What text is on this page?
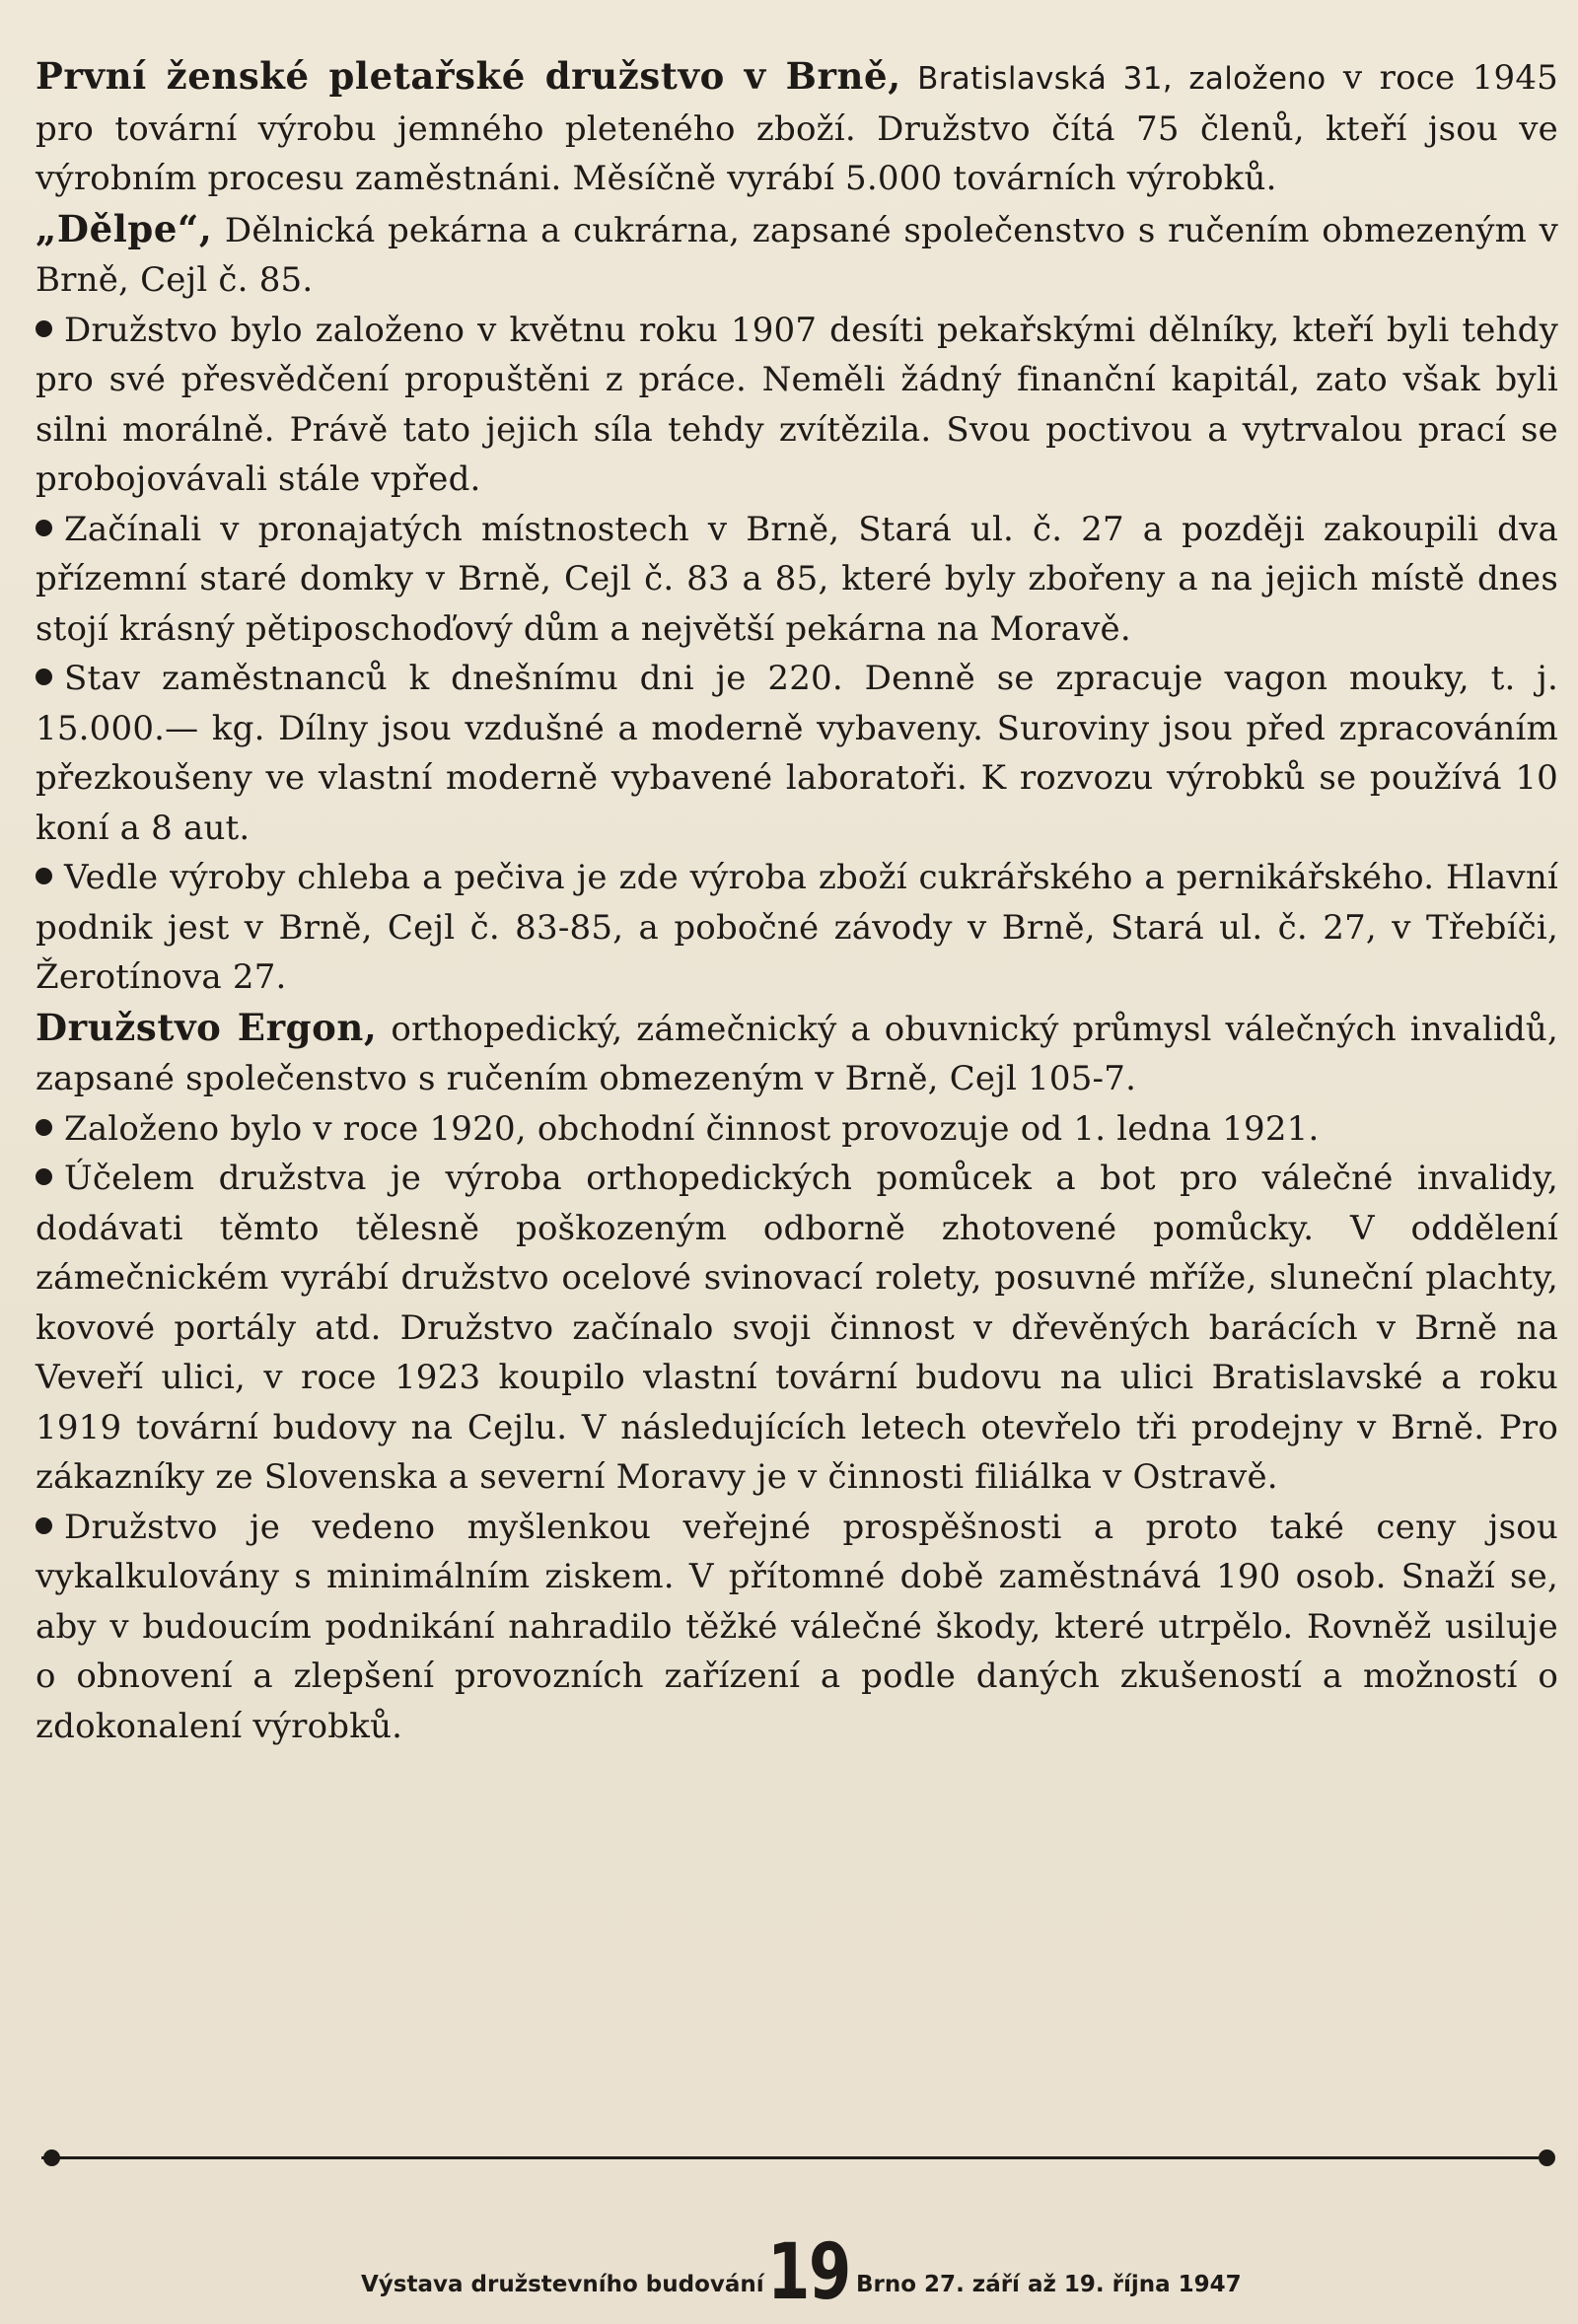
První ženské pletařské družstvo v Brně, Bratislavská 31, založeno v roce 1945 pro tovární výrobu jemného pleteného zboží. Družstvo čítá 75 členů, kteří jsou ve výrobním procesu zaměstnáni. Měsíčně vyrábí 5.000 továrních výrobků.

„Dělpe“, Dělnická pekárna a cukrárna, zapsané společenstvo s ručením obmezeným v Brně, Cejl č. 85.

Družstvo bylo založeno v květnu roku 1907 desíti pekařskými dělníky, kteří byli tehdy pro své přesvědčení propuštěni z práce. Neměli žádný finanční kapitál, zato však byli silni morálně. Právě tato jejich síla tehdy zvítězila. Svou poctivou a vytrvalou prací se probojovávali stále vpřed.

Začínali v pronajatých místnostech v Brně, Stará ul. č. 27 a později zakoupili dva přízemní staré domky v Brně, Cejl č. 83 a 85, které byly zbořeny a na jejich místě dnes stojí krásný pětiposchoďový dům a největší pekárna na Moravě.

Stav zaměstnanců k dnešnímu dni je 220. Denně se zpracuje vagon mouky, t. j. 15.000.— kg. Dílny jsou vzdušné a moderně vybaveny. Suroviny jsou před zpracováním přezkoušeny ve vlastní moderně vybavené laboratoři. K rozvozu výrobků se používá 10 koní a 8 aut.

Vedle výroby chleba a pečiva je zde výroba zboží cukrářského a pernikářského. Hlavní podnik jest v Brně, Cejl č. 83-85, a pobočné závody v Brně, Stará ul. č. 27, v Třebíči, Žerotínova 27.

Družstvo Ergon, orthopedický, zámečnický a obuvnický průmysl válečných invalidů, zapsané společenstvo s ručením obmezeným v Brně, Cejl 105-7.

Založeno bylo v roce 1920, obchodní činnost provozuje od 1. ledna 1921.

Účelem družstva je výroba orthopedických pomůcek a bot pro válečné invalidy, dodávati těmto tělesně poškozeným odborně zhotovené pomůcky. V oddělení zámečnickém vyrábí družstvo ocelové svinovací rolety, posuvné mříže, sluneční plachty, kovové portály atd. Družstvo začínalo svoji činnost v dřevěných barácích v Brně na Veveří ulici, v roce 1923 koupilo vlastní tovární budovu na ulici Bratislavské a roku 1919 tovární budovy na Cejlu. V následujících letech otevřelo tři prodejny v Brně. Pro zákazníky ze Slovenska a severní Moravy je v činnosti filiálka v Ostravě.

Družstvo je vedeno myšlenkou veřejné prospěšnosti a proto také ceny jsou vykalkulovány s minimálním ziskem. V přítomné době zaměstnává 190 osob. Snaží se, aby v budoucím podnikání nahradilo těžké válečné škody, které utrpělo. Rovněž usiluje o obnovení a zlepšení provozních zařízení a podle daných zkušeností a možností o zdokonalení výrobků.

Výstava družstevního budování 19 Brno 27. září až 19. října 1947
